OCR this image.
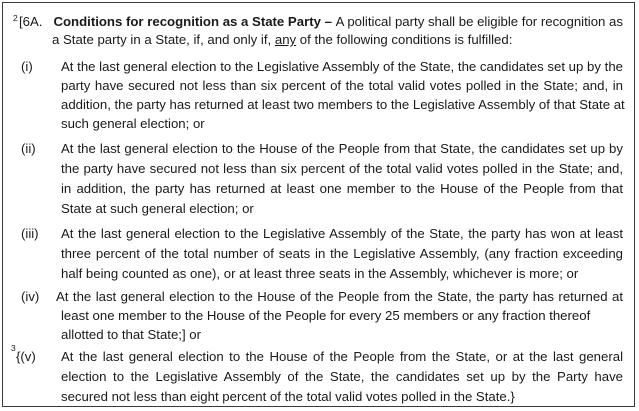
2 [6A. Conditions for recognition as a State Party – A political party shall be eligible for recognition as
a State party in a State, if, and only if, any of the following conditions is fulfilled:
(i) At the last general election to the Legislative Assembly of the State, the candidates set up by the
party have secured not less than six percent of the total valid votes polled in the State; and, in
addition, the party has returned at least two members to the Legislative Assembly of that State at
such general election; or
(ii) At the last general election to the House of the People from that State, the candidates set up by
the party have secured not less than six percent of the total valid votes polled in the State; and,
in addition, the party has returned at least one member to the House of the People from that
State at such general election; or
(iii) At the last general election to the Legislative Assembly of the State, the party has won at least
three percent of the total number of seats in the Legislative Assembly, (any fraction exceeding
half being counted as one), or at least three seats in the Assembly, whichever is more; or
(iv) At the last general election to the House of the People from the State, the party has returned at
least one member to the House of the People for every 25 members or any fraction thereof
allotted to that State;] or
3
{(v) At the last general election to the House of the People from the State, or at the last general
election to the Legislative Assembly of the State, the candidates set up by the Party have
secured not less than eight percent of the total valid votes polled in the State.}
